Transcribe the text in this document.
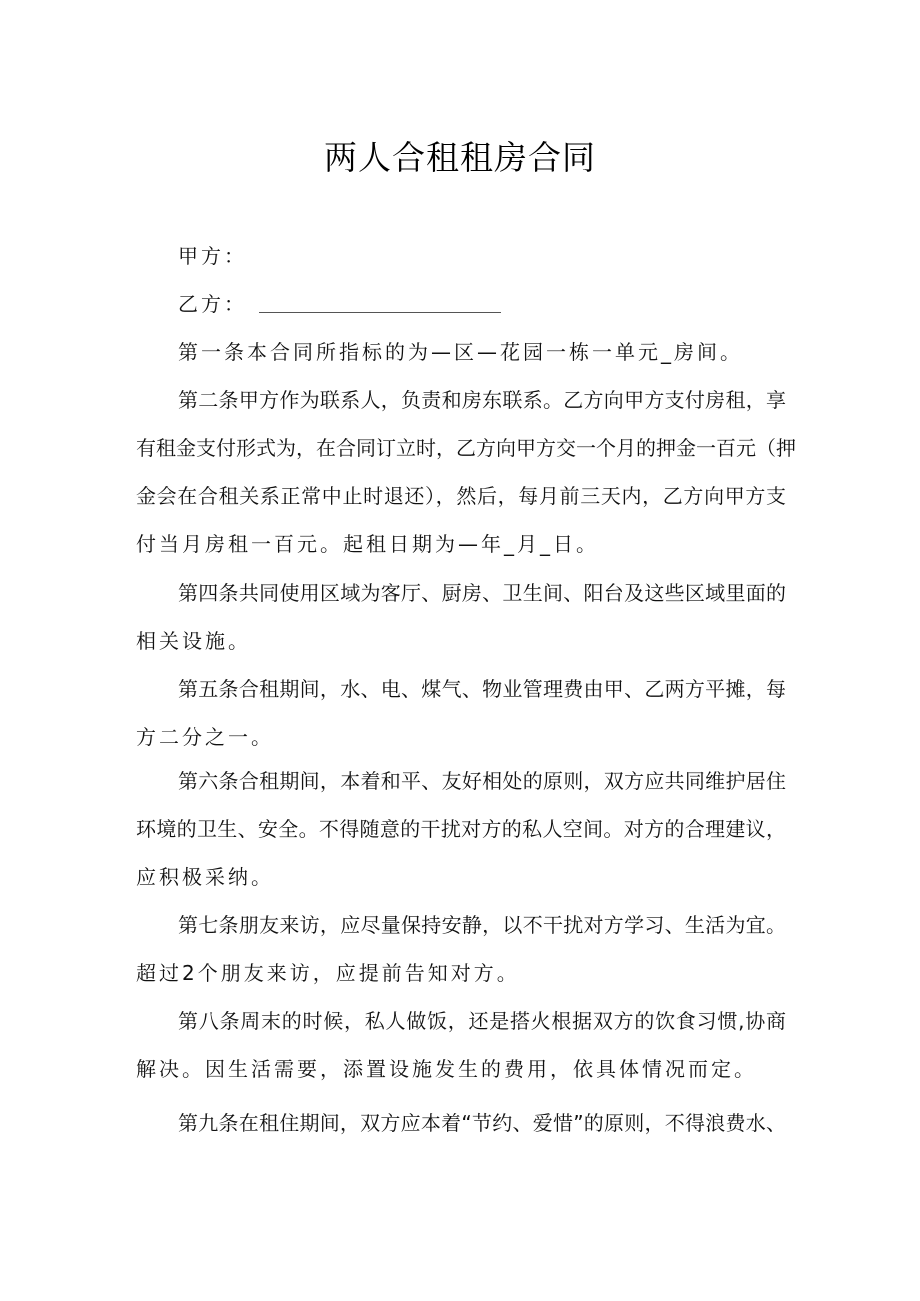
两人合租租房合同
甲方：
乙方：
第一条本合同所指标的为—区—花园一栋一单元_房间。
第二条甲方作为联系人，负责和房东联系。乙方向甲方支付房租，享
有租金支付形式为，在合同订立时，乙方向甲方交一个月的押金一百元（押
金会在合租关系正常中止时退还），然后，每月前三天内，乙方向甲方支
付当月房租一百元。起租日期为—年_月_日。
第四条共同使用区域为客厅、厨房、卫生间、阳台及这些区域里面的
相关设施。
第五条合租期间，水、电、煤气、物业管理费由甲、乙两方平摊，每
方二分之一。
第六条合租期间，本着和平、友好相处的原则，双方应共同维护居住
环境的卫生、安全。不得随意的干扰对方的私人空间。对方的合理建议，
应积极采纳。
第七条朋友来访，应尽量保持安静，以不干扰对方学习、生活为宜。
超过2个朋友来访，应提前告知对方。
第八条周末的时候，私人做饭，还是搭火根据双方的饮食习惯,协商
解决。因生活需要，添置设施发生的费用，依具体情况而定。
第九条在租住期间，双方应本着“节约、爱惜”的原则，不得浪费水、
